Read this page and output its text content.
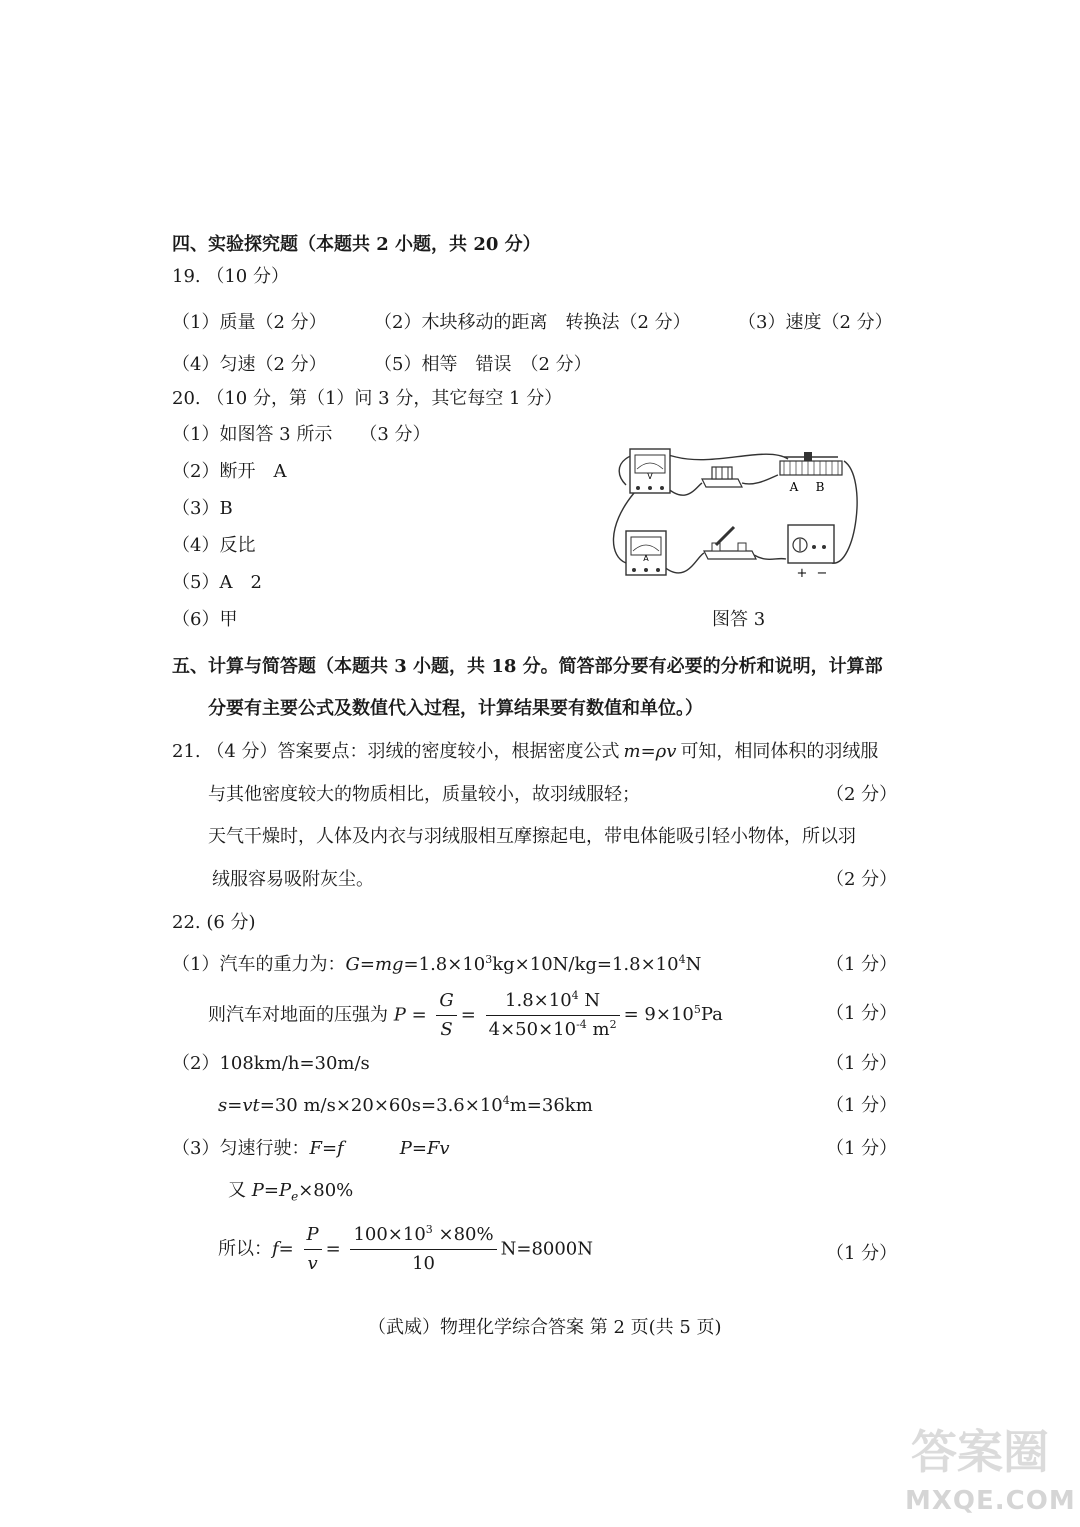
四、实验探究题（本题共 2 小题，共 20 分）
19. （10 分）
（1）质量（2 分）	（2）木块移动的距离　转换法（2 分）	（3）速度（2 分）
（4）匀速（2 分）	（5）相等　错误　（2 分）
20. （10 分，第（1）问 3 分，其它每空 1 分）
（1）如图答 3 所示　　（3 分）
（2）断开　A
（3）B
（4）反比
（5）A　2
（6）甲
V
A B
A
+ −
图答 3
五、计算与简答题（本题共 3 小题，共 18 分。简答部分要有必要的分析和说明，计算部
分要有主要公式及数值代入过程，计算结果要有数值和单位。）
21. （4 分）答案要点：羽绒的密度较小，根据密度公式 m=ρv 可知，相同体积的羽绒服
与其他密度较大的物质相比，质量较小，故羽绒服轻；	（2 分）
天气干燥时，人体及内衣与羽绒服相互摩擦起电，带电体能吸引轻小物体，所以羽
绒服容易吸附灰尘。	（2 分）
22. (6 分)
（1）汽车的重力为：$G=mg=1.8\times 10^3kg\times 10N/kg=1.8\times 10^4N$	（1 分）
则汽车对地面的压强为 $P = \frac{G}{S} = \frac{1.8\times 10^4 N}{4\times 50\times 10^{-4} m^2} = 9\times 10^5Pa$	（1 分）
（2）108km/h=30m/s	（1 分）
s=vt=30 $m/s\times 20\times 60s=3.6\times 10^4m=36km$	（1 分）
（3）匀速行驶：F=f	P=Fv	（1 分）
又 $P=P_e\times 80\%$
所以：$f= \frac{P}{v} = \frac{100\times 10^3 \times 80\%}{10} N=8000N$	（1 分）
（武威）物理化学综合答案 第 2 页(共 5 页)
答案圈
MXQE.COM
